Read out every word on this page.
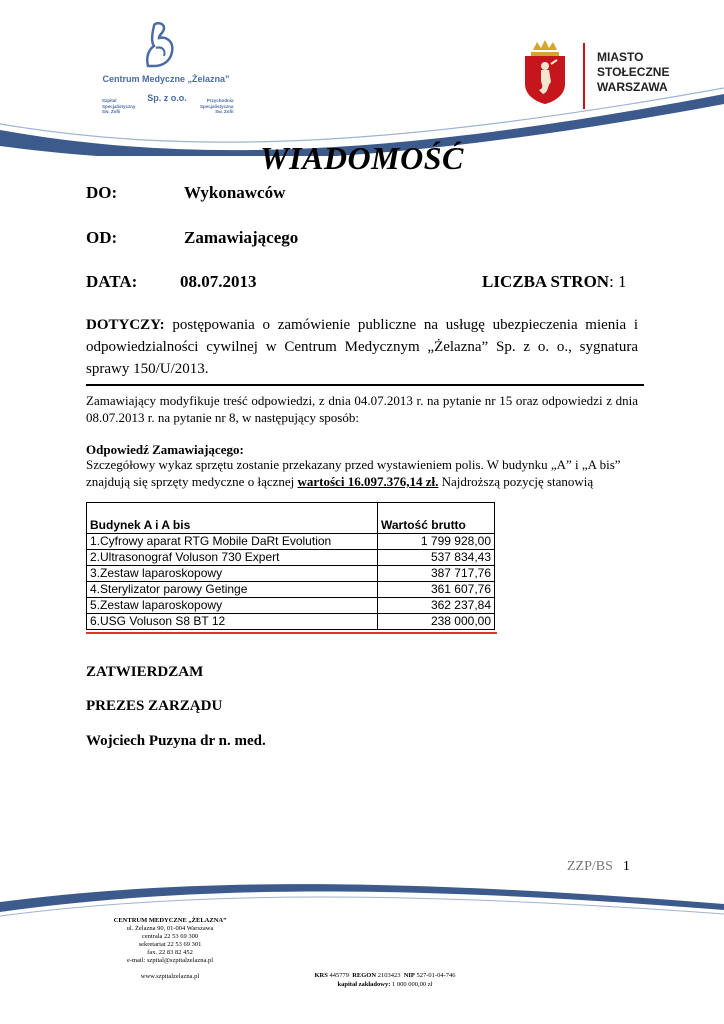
Centrum Medyczne „Żelazna”
Sp. z o.o.
Szpital
Specjalistyczny
Sw. Zofii
Przychodnia
Specjalistyczna
Sw. Zofii
MIASTO
STOŁECZNE
WARSZAWA
WIADOMOŚĆ
DO:	Wykonawców
OD:	Zamawiającego
DATA:	08.07.2013	LICZBA STRON: 1
DOTYCZY: postępowania o zamówienie publiczne na usługę ubezpieczenia mienia i odpowiedzialności cywilnej w Centrum Medycznym „Żelazna” Sp. z o. o., sygnatura sprawy 150/U/2013.
Zamawiający modyfikuje treść odpowiedzi, z dnia 04.07.2013 r. na pytanie nr 15 oraz odpowiedzi z dnia 08.07.2013 r. na pytanie nr 8, w następujący sposób:
Odpowiedź Zamawiającego:
Szczegółowy wykaz sprzętu zostanie przekazany przed wystawieniem polis. W budynku „A” i „A bis” znajdują się sprzęty medyczne o łącznej wartości 16.097.376,14 zł. Najdroższą pozycję stanowią
Budynek A i A bis	Wartość brutto
1.Cyfrowy aparat RTG Mobile DaRt Evolution	1 799 928,00
2.Ultrasonograf Voluson 730 Expert	537 834,43
3.Zestaw laparoskopowy	387 717,76
4.Sterylizator parowy Getinge	361 607,76
5.Zestaw laparoskopowy	362 237,84
6.USG Voluson S8 BT 12	238 000,00
ZATWIERDZAM
PREZES ZARZĄDU
Wojciech Puzyna dr n. med.
ZZP/BS 1
CENTRUM MEDYCZNE „ŻELAZNA”
ul. Żelazna 90, 01-004 Warszawa
centrala 22 53 69 300
sekretariat 22 53 69 301
fax. 22 83 82 452
e-mail: szpital@szpitalzelazna.pl
www.szpitalzelazna.pl	KRS 445779 REGON 2103423 NIP 527-01-04-746
kapitał zakładowy: 1 000 000,00 zł
